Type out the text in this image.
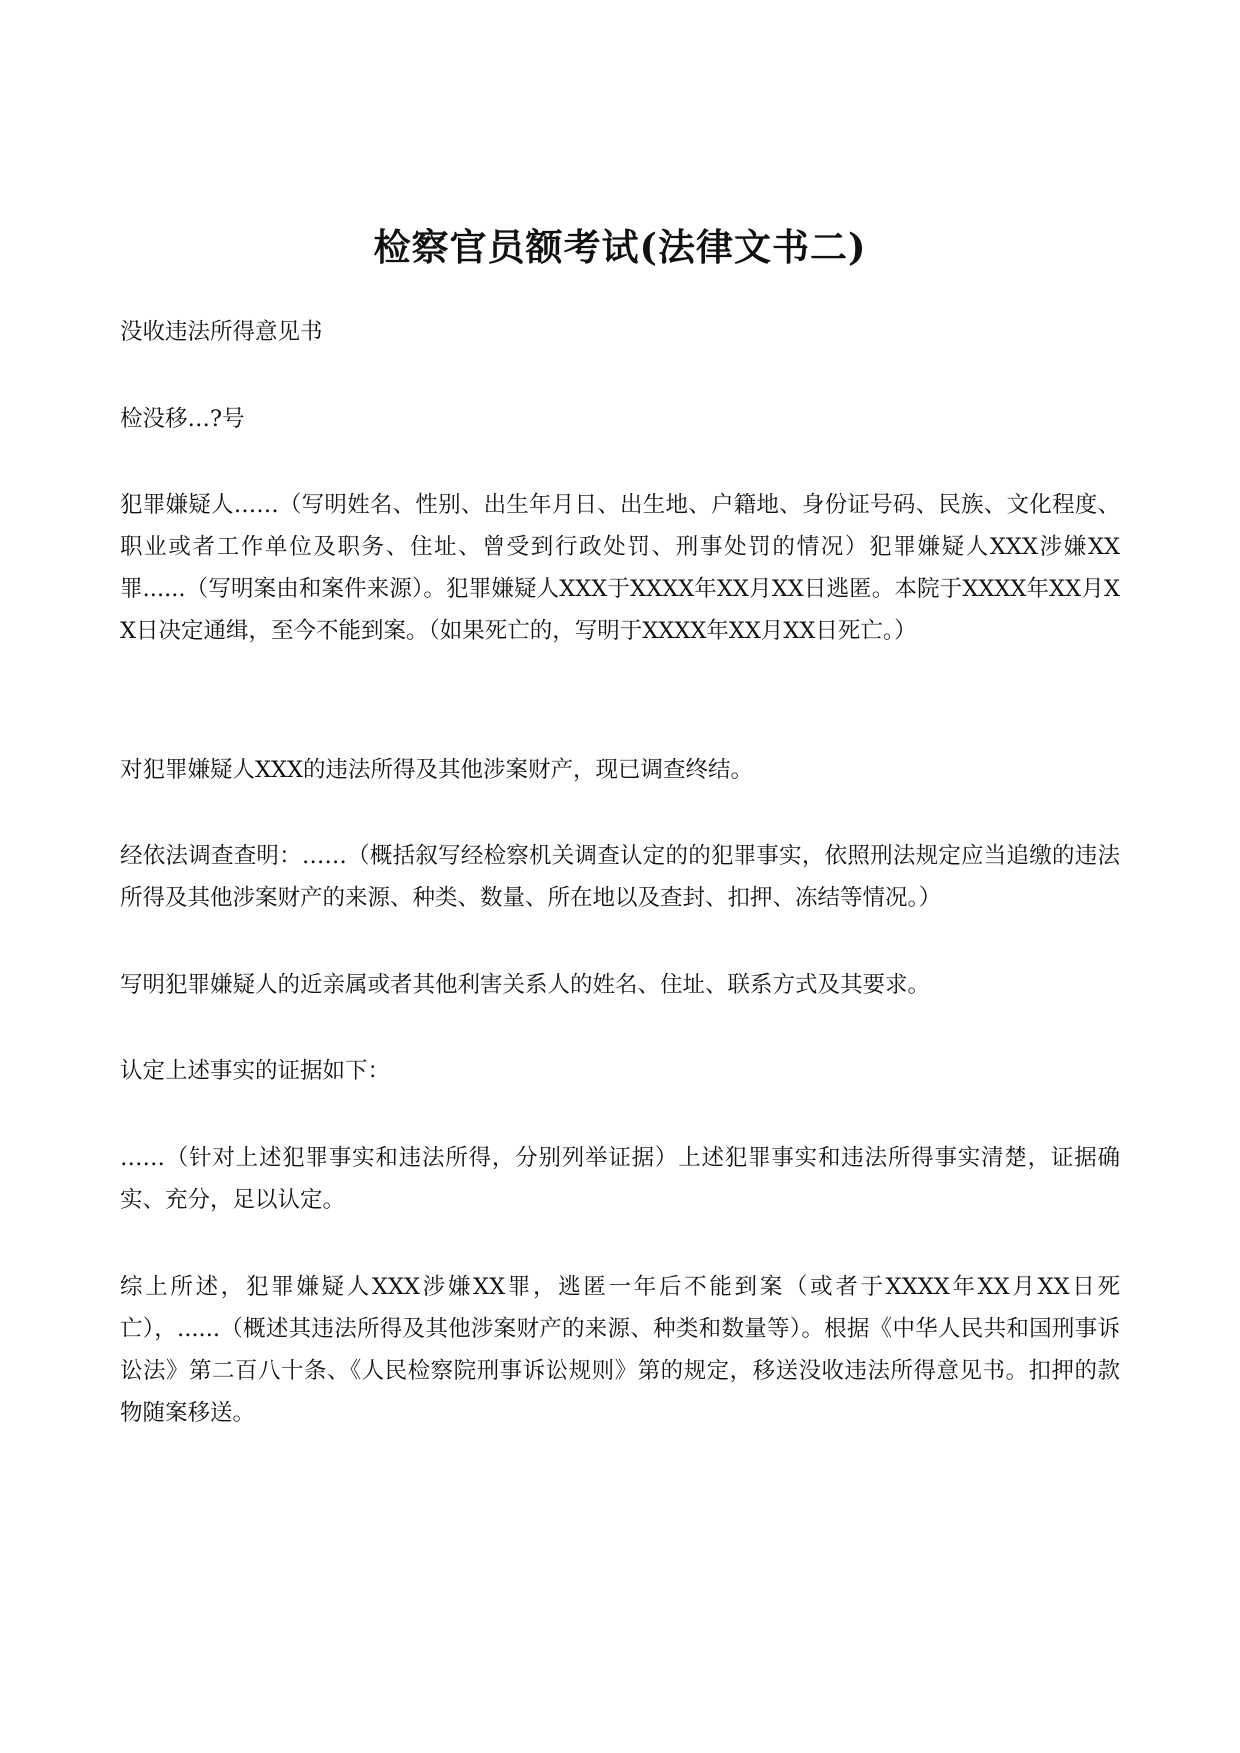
检察官员额考试(法律文书二)

没收违法所得意见书

检没移…?号

犯罪嫌疑人……（写明姓名、性别、出生年月日、出生地、户籍地、身份证号码、民族、文化程度、职业或者工作单位及职务、住址、曾受到行政处罚、刑事处罚的情况）犯罪嫌疑人XXX涉嫌XX罪......（写明案由和案件来源）。犯罪嫌疑人XXX于XXXX年XX月XX日逃匿。本院于XXXX年XX月XX日决定通缉，至今不能到案。（如果死亡的，写明于XXXX年XX月XX日死亡。）

对犯罪嫌疑人XXX的违法所得及其他涉案财产，现已调查终结。

经依法调查查明：……（概括叙写经检察机关调查认定的的犯罪事实，依照刑法规定应当追缴的违法所得及其他涉案财产的来源、种类、数量、所在地以及查封、扣押、冻结等情况。）

写明犯罪嫌疑人的近亲属或者其他利害关系人的姓名、住址、联系方式及其要求。

认定上述事实的证据如下：

……（针对上述犯罪事实和违法所得，分别列举证据）上述犯罪事实和违法所得事实清楚，证据确实、充分，足以认定。

综上所述，犯罪嫌疑人XXX涉嫌XX罪，逃匿一年后不能到案（或者于XXXX年XX月XX日死亡），......（概述其违法所得及其他涉案财产的来源、种类和数量等）。根据《中华人民共和国刑事诉讼法》第二百八十条、《人民检察院刑事诉讼规则》第的规定，移送没收违法所得意见书。扣押的款物随案移送。
